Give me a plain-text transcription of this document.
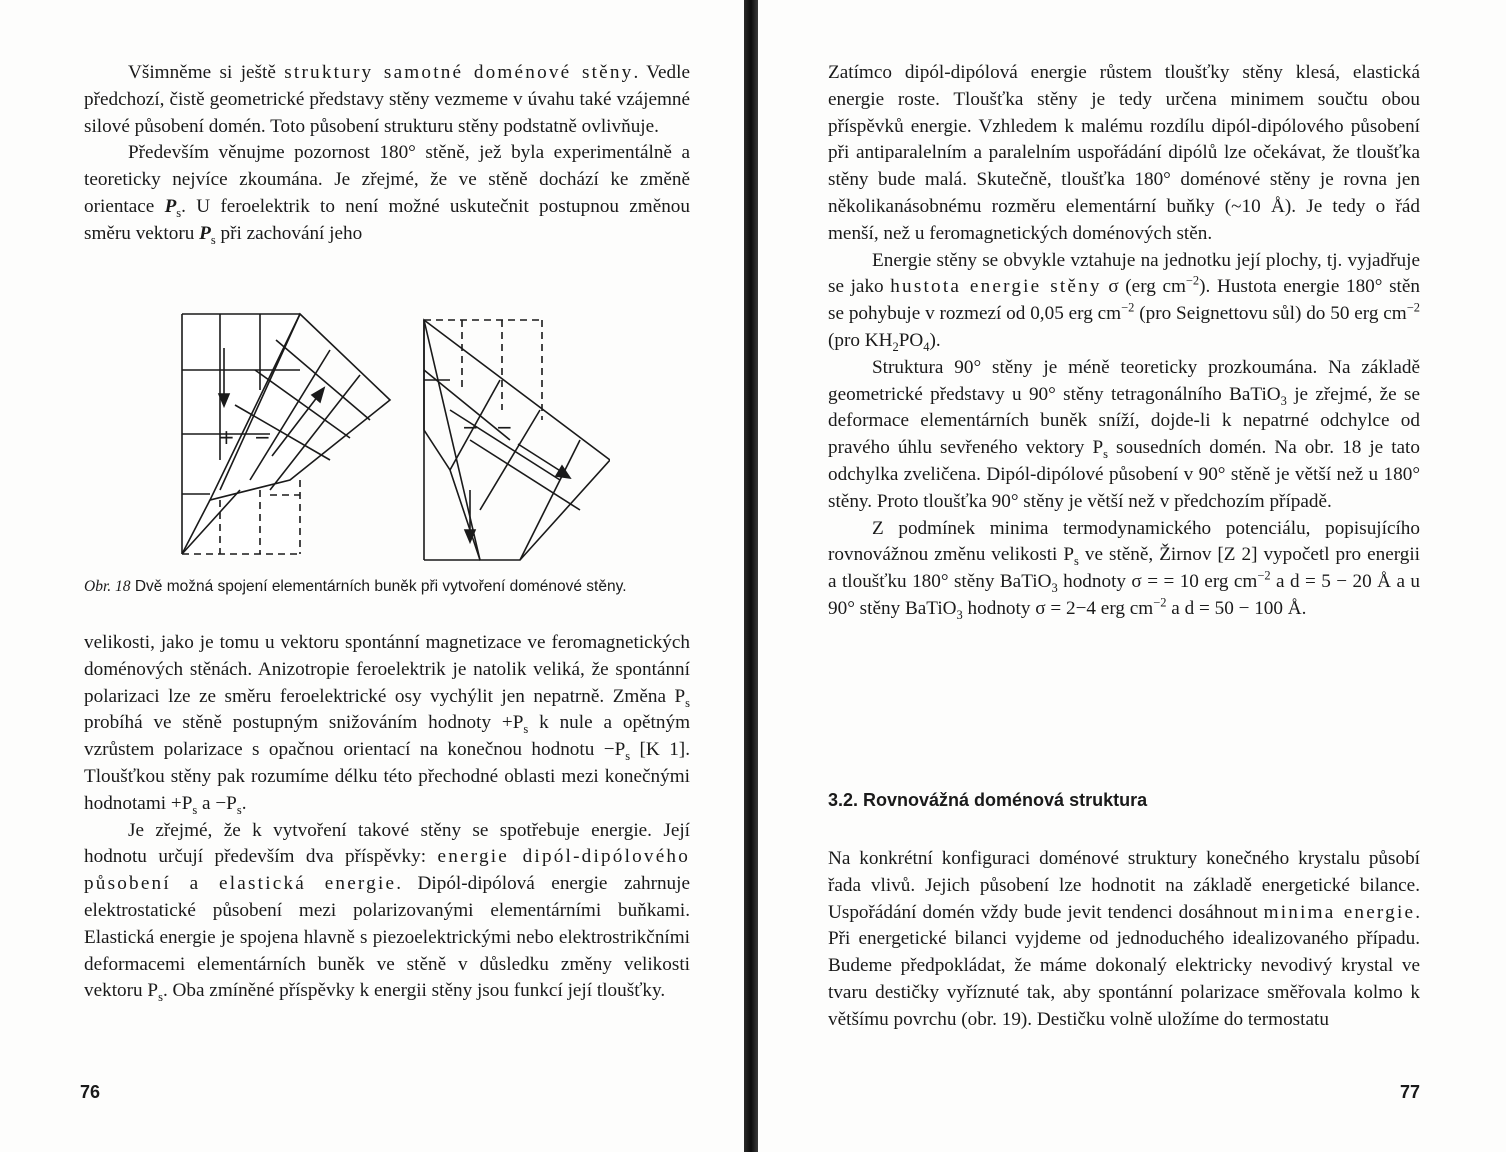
Všimněme si ještě struktury samotné doménové stěny. Vedle předchozí, čistě geometrické představy stěny vezmeme v úvahu také vzájemné silové působení domén. Toto působení strukturu stěny podstatně ovlivňuje.

Především věnujme pozornost 180° stěně, jež byla experimentálně a teoreticky nejvíce zkoumána. Je zřejmé, že ve stěně dochází ke změně orientace $P_s$. U feroelektrik to není možné uskutečnit postupnou změnou směru vektoru $P_s$ při zachování jeho

+ −	− −
Obr. 18 Dvě možná spojení elementárních buněk při vytvoření doménové stěny.

velikosti, jako je tomu u vektoru spontánní magnetizace ve feromagnetických doménových stěnách. Anizotropie feroelektrik je natolik veliká, že spontánní polarizaci lze ze směru feroelektrické osy vychýlit jen nepatrně. Změna $P_s$ probíhá ve stěně postupným snižováním hodnoty $+P_s$ k nule a opětným vzrůstem polarizace s opačnou orientací na konečnou hodnotu $-P_s$ [K 1]. Tloušťkou stěny pak rozumíme délku této přechodné oblasti mezi konečnými hodnotami $+P_s$ $a -P_s$.

Je zřejmé, že k vytvoření takové stěny se spotřebuje energie. Její hodnotu určují především dva příspěvky: energie dipól-dipólového působení a elastická energie. Dipól-dipólová energie zahrnuje elektrostatické působení mezi polarizovanými elementárními buňkami. Elastická energie je spojena hlavně s piezoelektrickými nebo elektrostrikčními deformacemi elementárních buněk ve stěně v důsledku změny velikosti vektoru $P_s$. Oba zmíněné příspěvky k energii stěny jsou funkcí její tloušťky.

76

Zatímco dipól-dipólová energie růstem tloušťky stěny klesá, elastická energie roste. Tloušťka stěny je tedy určena minimem součtu obou příspěvků energie. Vzhledem k malému rozdílu dipól-dipólového působení při antiparalelním a paralelním uspořádání dipólů lze očekávat, že tloušťka stěny bude malá. Skutečně, tloušťka 180° doménové stěny je rovna jen několikanásobnému rozměru elementární buňky (~10 Å). Je tedy o řád menší, než u feromagnetických doménových stěn.

Energie stěny se obvykle vztahuje na jednotku její plochy, tj. vyjadřuje se jako hustota energie stěny σ (erg $cm^{-2}$). Hustota energie 180° stěn se pohybuje v rozmezí od 0,05 erg $cm^{-2}$ (pro Seignettovu sůl) do 50 erg $cm^{-2}$ (pro $KH_2PO_4$).

Struktura 90° stěny je méně teoreticky prozkoumána. Na základě geometrické představy u 90° stěny tetragonálního BaTiO$_3$ je zřejmé, že se deformace elementárních buněk sníží, dojde-li k nepatrné odchylce od pravého úhlu sevřeného vektory $P_s$ sousedních domén. Na obr. 18 je tato odchylka zveličena. Dipól-dipólové působení v 90° stěně je větší než u 180° stěny. Proto tloušťka 90° stěny je větší než v předchozím případě.

Z podmínek minima termodynamického potenciálu, popisujícího rovnovážnou změnu velikosti $P_s$ ve stěně, Žirnov [Z 2] vypočetl pro energii a tloušťku 180° stěny BaTiO$_3$ hodnoty σ = = 10 erg $cm^{-2}$ a d = 5 − 20 Å a u 90° stěny BaTiO$_3$ hodnoty σ = 2−4 erg $cm^{-2}$ a d = 50 − 100 Å.

3.2. Rovnovážná doménová struktura

Na konkrétní konfiguraci doménové struktury konečného krystalu působí řada vlivů. Jejich působení lze hodnotit na základě energetické bilance. Uspořádání domén vždy bude jevit tendenci dosáhnout minima energie. Při energetické bilanci vyjdeme od jednoduchého idealizovaného případu. Budeme předpokládat, že máme dokonalý elektricky nevodivý krystal ve tvaru destičky vyříznuté tak, aby spontánní polarizace směřovala kolmo k většímu povrchu (obr. 19). Destičku volně uložíme do termostatu

77
